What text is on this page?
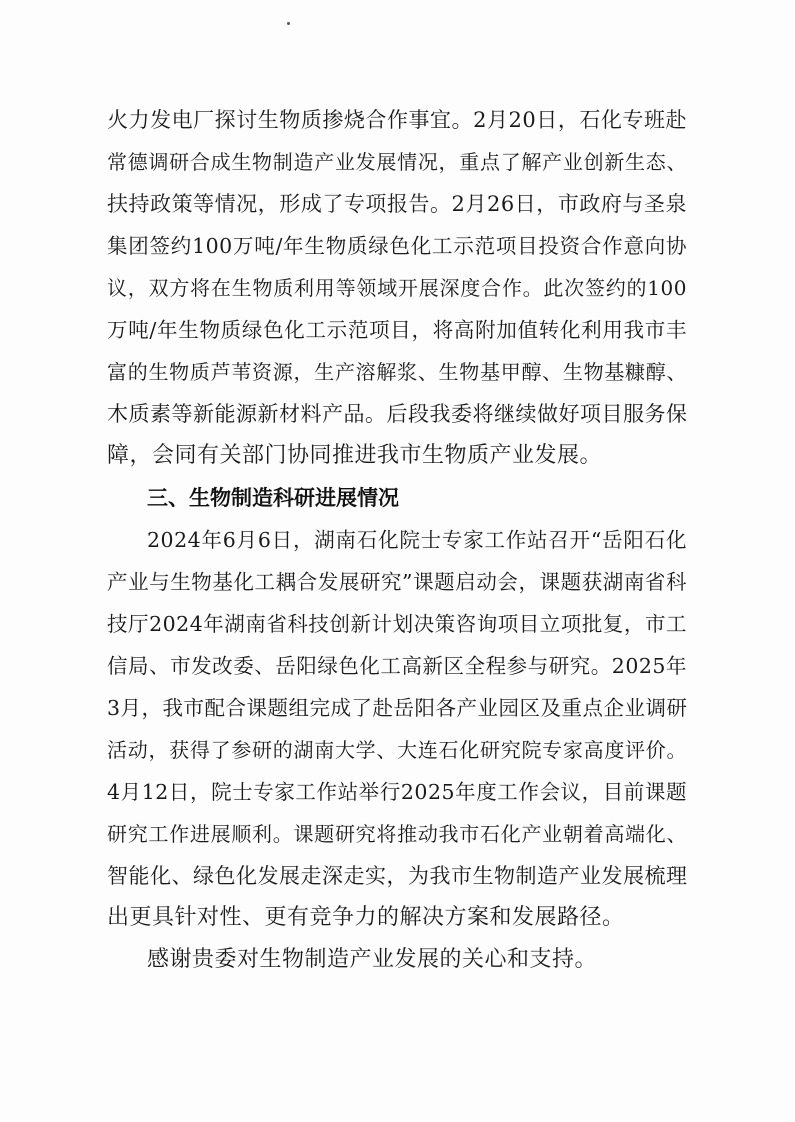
火力发电厂探讨生物质掺烧合作事宜。2月20日，石化专班赴
常德调研合成生物制造产业发展情况，重点了解产业创新生态、
扶持政策等情况，形成了专项报告。2月26日，市政府与圣泉
集团签约100万吨/年生物质绿色化工示范项目投资合作意向协
议，双方将在生物质利用等领域开展深度合作。此次签约的100
万吨/年生物质绿色化工示范项目，将高附加值转化利用我市丰
富的生物质芦苇资源，生产溶解浆、生物基甲醇、生物基糠醇、
木质素等新能源新材料产品。后段我委将继续做好项目服务保
障，会同有关部门协同推进我市生物质产业发展。
三、生物制造科研进展情况
2024年6月6日，湖南石化院士专家工作站召开“岳阳石化
产业与生物基化工耦合发展研究”课题启动会，课题获湖南省科
技厅2024年湖南省科技创新计划决策咨询项目立项批复，市工
信局、市发改委、岳阳绿色化工高新区全程参与研究。2025年
3月，我市配合课题组完成了赴岳阳各产业园区及重点企业调研
活动，获得了参研的湖南大学、大连石化研究院专家高度评价。
4月12日，院士专家工作站举行2025年度工作会议，目前课题
研究工作进展顺利。课题研究将推动我市石化产业朝着高端化、
智能化、绿色化发展走深走实，为我市生物制造产业发展梳理
出更具针对性、更有竞争力的解决方案和发展路径。
感谢贵委对生物制造产业发展的关心和支持。
